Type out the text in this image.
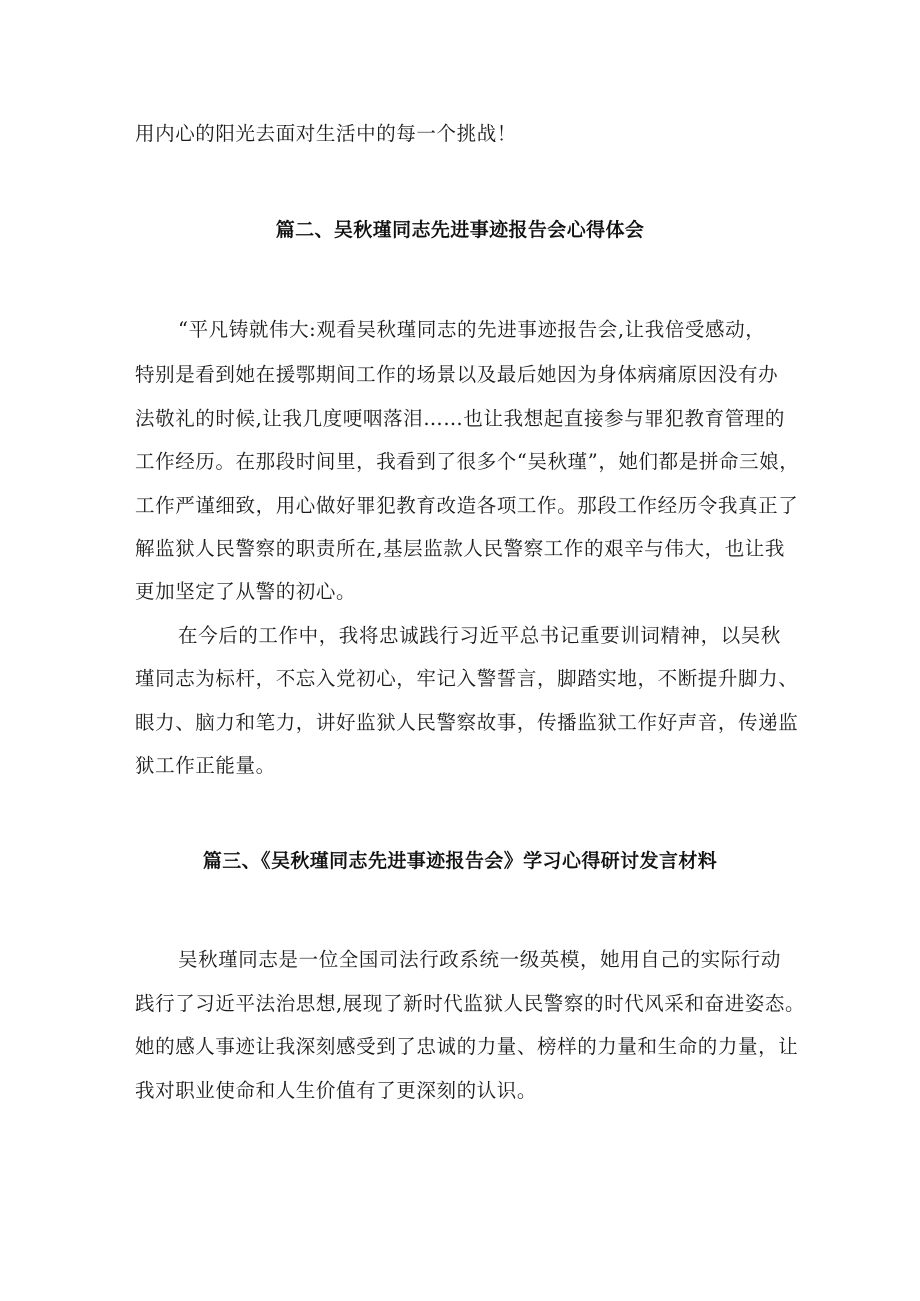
用内心的阳光去面对生活中的每一个挑战！
篇二、吴秋瑾同志先进事迹报告会心得体会
“平凡铸就伟大:观看吴秋瑾同志的先进事迹报告会,让我倍受感动，
特别是看到她在援鄂期间工作的场景以及最后她因为身体病痛原因没有办
法敬礼的时候,让我几度哽咽落泪……也让我想起直接参与罪犯教育管理的
工作经历。在那段时间里，我看到了很多个“吴秋瑾”，她们都是拼命三娘，
工作严谨细致，用心做好罪犯教育改造各项工作。那段工作经历令我真正了
解监狱人民警察的职责所在,基层监款人民警察工作的艰辛与伟大，也让我
更加坚定了从警的初心。
在今后的工作中，我将忠诚践行习近平总书记重要训词精神，以吴秋
瑾同志为标杆，不忘入党初心，牢记入警誓言，脚踏实地，不断提升脚力、
眼力、脑力和笔力，讲好监狱人民警察故事，传播监狱工作好声音，传递监
狱工作正能量。
篇三、《吴秋瑾同志先进事迹报告会》学习心得研讨发言材料
吴秋瑾同志是一位全国司法行政系统一级英模，她用自己的实际行动
践行了习近平法治思想,展现了新时代监狱人民警察的时代风采和奋进姿态。
她的感人事迹让我深刻感受到了忠诚的力量、榜样的力量和生命的力量，让
我对职业使命和人生价值有了更深刻的认识。
